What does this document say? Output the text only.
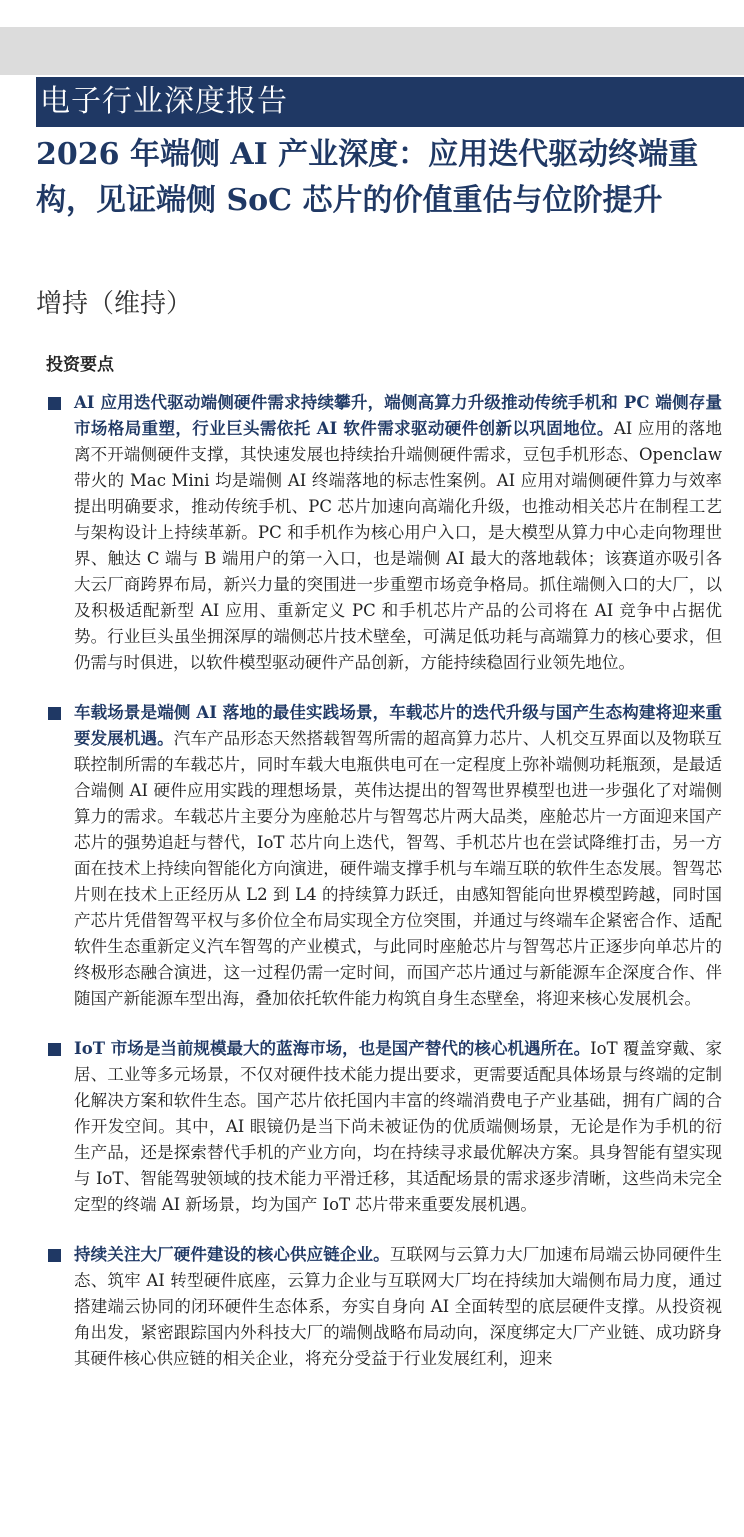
电子行业深度报告
2026 年端侧 AI 产业深度：应用迭代驱动终端重构，见证端侧 SoC 芯片的价值重估与位阶提升
增持（维持）
投资要点
AI 应用迭代驱动端侧硬件需求持续攀升，端侧高算力升级推动传统手机和 PC 端侧存量市场格局重塑，行业巨头需依托 AI 软件需求驱动硬件创新以巩固地位。AI 应用的落地离不开端侧硬件支撑，其快速发展也持续抬升端侧硬件需求，豆包手机形态、Openclaw 带火的 Mac Mini 均是端侧 AI 终端落地的标志性案例。AI 应用对端侧硬件算力与效率提出明确要求，推动传统手机、PC 芯片加速向高端化升级，也推动相关芯片在制程工艺与架构设计上持续革新。PC 和手机作为核心用户入口，是大模型从算力中心走向物理世界、触达 C 端与 B 端用户的第一入口，也是端侧 AI 最大的落地载体；该赛道亦吸引各大云厂商跨界布局，新兴力量的突围进一步重塑市场竞争格局。抓住端侧入口的大厂，以及积极适配新型 AI 应用、重新定义 PC 和手机芯片产品的公司将在 AI 竞争中占据优势。行业巨头虽坐拥深厚的端侧芯片技术壁垒，可满足低功耗与高端算力的核心要求，但仍需与时俱进，以软件模型驱动硬件产品创新，方能持续稳固行业领先地位。
车载场景是端侧 AI 落地的最佳实践场景，车载芯片的迭代升级与国产生态构建将迎来重要发展机遇。汽车产品形态天然搭载智驾所需的超高算力芯片、人机交互界面以及物联互联控制所需的车载芯片，同时车载大电瓶供电可在一定程度上弥补端侧功耗瓶颈，是最适合端侧 AI 硬件应用实践的理想场景，英伟达提出的智驾世界模型也进一步强化了对端侧算力的需求。车载芯片主要分为座舱芯片与智驾芯片两大品类，座舱芯片一方面迎来国产芯片的强势追赶与替代，IoT 芯片向上迭代，智驾、手机芯片也在尝试降维打击，另一方面在技术上持续向智能化方向演进，硬件端支撑手机与车端互联的软件生态发展。智驾芯片则在技术上正经历从 L2 到 L4 的持续算力跃迁，由感知智能向世界模型跨越，同时国产芯片凭借智驾平权与多价位全布局实现全方位突围，并通过与终端车企紧密合作、适配软件生态重新定义汽车智驾的产业模式，与此同时座舱芯片与智驾芯片正逐步向单芯片的终极形态融合演进，这一过程仍需一定时间，而国产芯片通过与新能源车企深度合作、伴随国产新能源车型出海，叠加依托软件能力构筑自身生态壁垒，将迎来核心发展机会。
IoT 市场是当前规模最大的蓝海市场，也是国产替代的核心机遇所在。IoT 覆盖穿戴、家居、工业等多元场景，不仅对硬件技术能力提出要求，更需要适配具体场景与终端的定制化解决方案和软件生态。国产芯片依托国内丰富的终端消费电子产业基础，拥有广阔的合作开发空间。其中，AI 眼镜仍是当下尚未被证伪的优质端侧场景，无论是作为手机的衍生产品，还是探索替代手机的产业方向，均在持续寻求最优解决方案。具身智能有望实现与 IoT、智能驾驶领域的技术能力平滑迁移，其适配场景的需求逐步清晰，这些尚未完全定型的终端 AI 新场景，均为国产 IoT 芯片带来重要发展机遇。
持续关注大厂硬件建设的核心供应链企业。互联网与云算力大厂加速布局端云协同硬件生态、筑牢 AI 转型硬件底座，云算力企业与互联网大厂均在持续加大端侧布局力度，通过搭建端云协同的闭环硬件生态体系，夯实自身向 AI 全面转型的底层硬件支撑。从投资视角出发，紧密跟踪国内外科技大厂的端侧战略布局动向，深度绑定大厂产业链、成功跻身其硬件核心供应链的相关企业，将充分受益于行业发展红利，迎来
